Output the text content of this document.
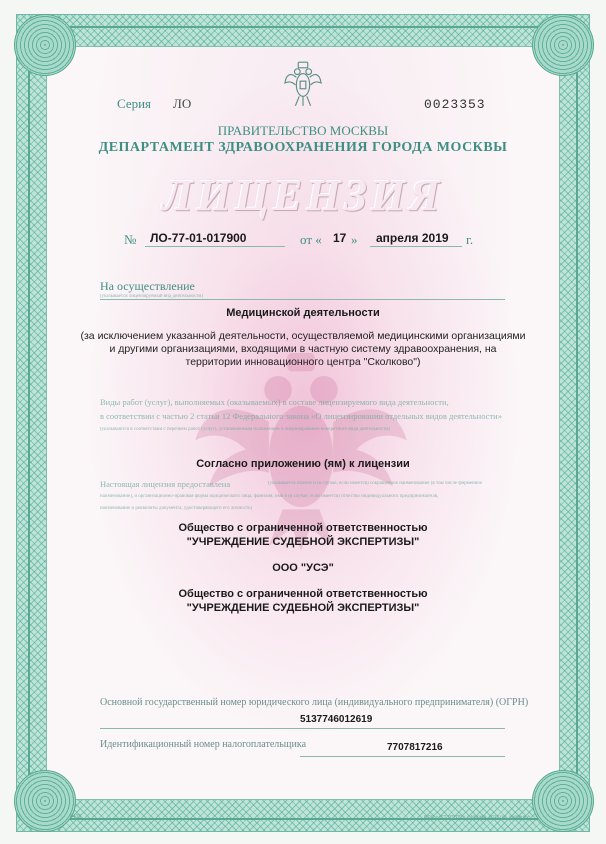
Серия ЛО	0023353
ПРАВИТЕЛЬСТВО МОСКВЫ
ДЕПАРТАМЕНТ ЗДРАВООХРАНЕНИЯ ГОРОДА МОСКВЫ
ЛИЦЕНЗИЯ
№ ЛО-77-01-017900	от « 17 » апреля 2019 г.
На осуществление
(указывается лицензируемый вид деятельности)
Медицинской деятельности
(за исключением указанной деятельности, осуществляемой медицинскими организациями
и другими организациями, входящими в частную систему здравоохранения, на
территории инновационного центра "Сколково")
Виды работ (услуг), выполняемых (оказываемых) в составе лицензируемого вида деятельности,
в соответствии с частью 2 статьи 12 Федерального закона «О лицензировании отдельных видов деятельности»
(указываются в соответствии с перечнем работ (услуг), установленным положением о лицензировании конкретного вида деятельности)
Согласно приложению (ям) к лицензии
Настоящая лицензия предоставлена	(указывается полное и (в случае, если имеется) сокращенное наименование (в том числе фирменное
наименование), и организационно-правовая форма юридического лица, фамилия, имя и (в случае, если имеется) отчество индивидуального предпринимателя,
наименование и реквизиты документа, удостоверяющего его личность)
Общество с ограниченной ответственностью
"УЧРЕЖДЕНИЕ СУДЕБНОЙ ЭКСПЕРТИЗЫ"
ООО "УСЭ"
Общество с ограниченной ответственностью
"УЧРЕЖДЕНИЕ СУДЕБНОЙ ЭКСПЕРТИЗЫ"
Основной государственный номер юридического лица (индивидуального предпринимателя) (ОГРН)
5137746012619
Идентификационный номер налогоплательщика	7707817216
4405	ООО «АГТ ГРУПП», г. Москва, 2017 год, уровень А
